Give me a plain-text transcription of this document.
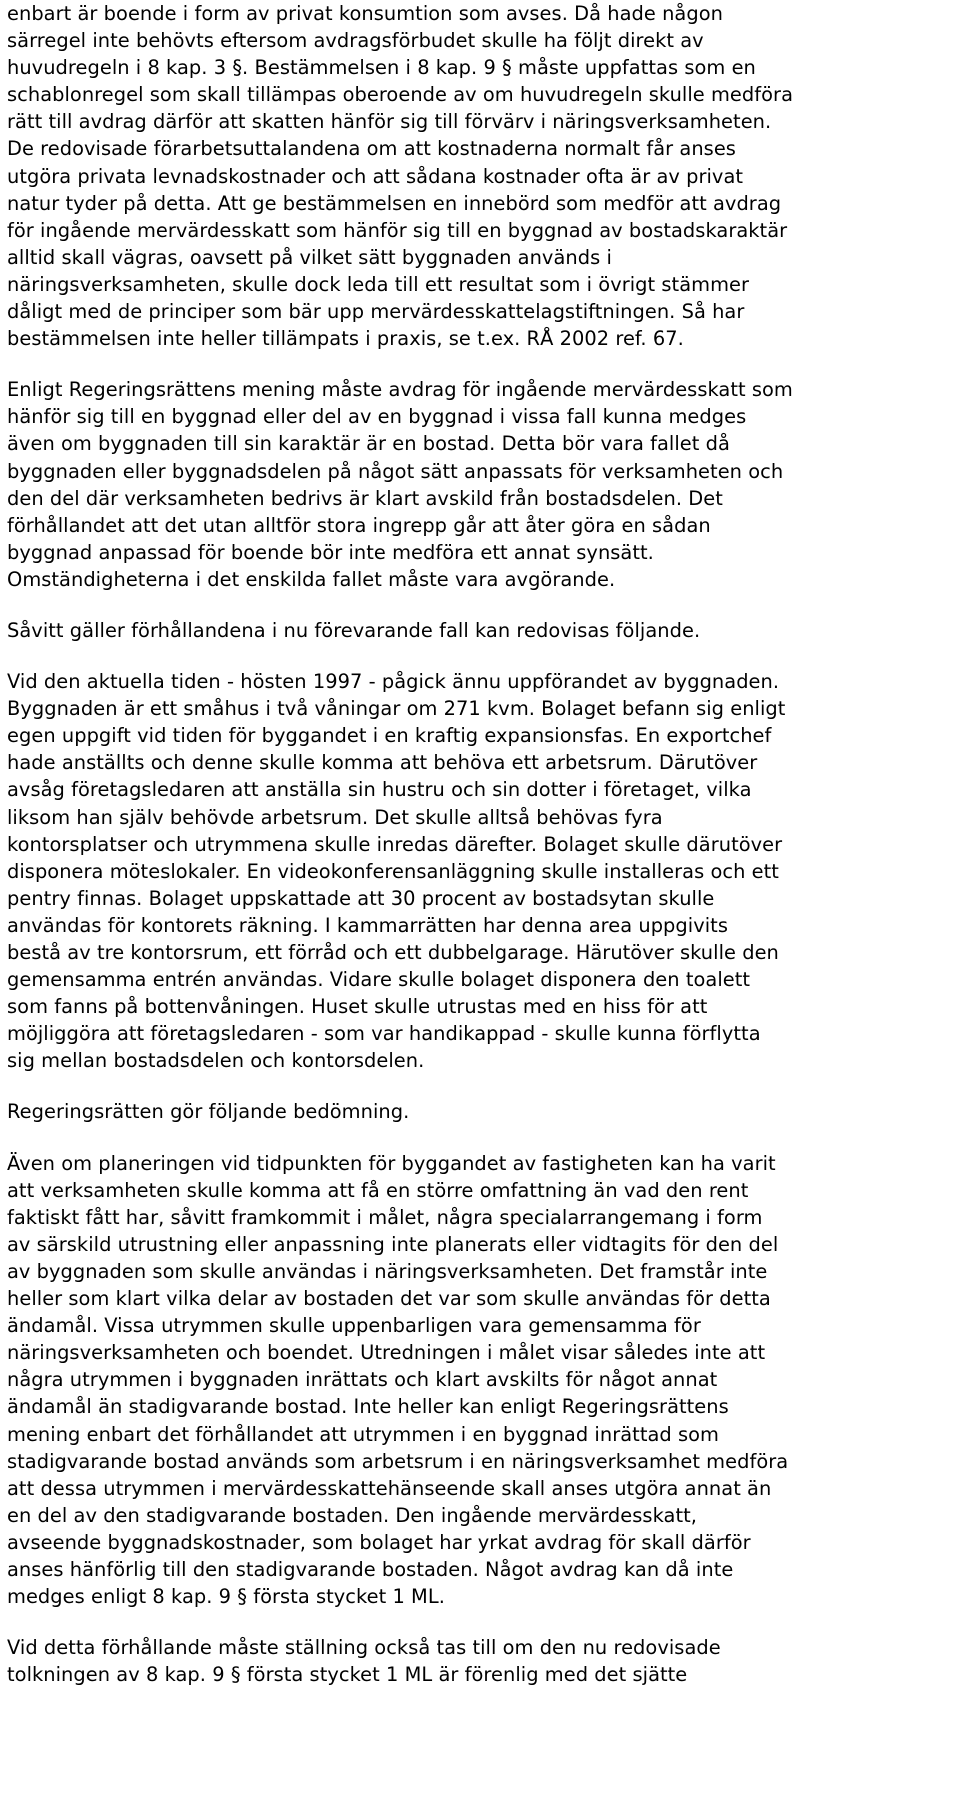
enbart är boende i form av privat konsumtion som avses. Då hade någon
särregel inte behövts eftersom avdragsförbudet skulle ha följt direkt av
huvudregeln i 8 kap. 3 §. Bestämmelsen i 8 kap. 9 § måste uppfattas som en
schablonregel som skall tillämpas oberoende av om huvudregeln skulle medföra
rätt till avdrag därför att skatten hänför sig till förvärv i näringsverksamheten.
De redovisade förarbetsuttalandena om att kostnaderna normalt får anses
utgöra privata levnadskostnader och att sådana kostnader ofta är av privat
natur tyder på detta. Att ge bestämmelsen en innebörd som medför att avdrag
för ingående mervärdesskatt som hänför sig till en byggnad av bostadskaraktär
alltid skall vägras, oavsett på vilket sätt byggnaden används i
näringsverksamheten, skulle dock leda till ett resultat som i övrigt stämmer
dåligt med de principer som bär upp mervärdesskattelagstiftningen. Så har
bestämmelsen inte heller tillämpats i praxis, se t.ex. RÅ 2002 ref. 67.
Enligt Regeringsrättens mening måste avdrag för ingående mervärdesskatt som
hänför sig till en byggnad eller del av en byggnad i vissa fall kunna medges
även om byggnaden till sin karaktär är en bostad. Detta bör vara fallet då
byggnaden eller byggnadsdelen på något sätt anpassats för verksamheten och
den del där verksamheten bedrivs är klart avskild från bostadsdelen. Det
förhållandet att det utan alltför stora ingrepp går att åter göra en sådan
byggnad anpassad för boende bör inte medföra ett annat synsätt.
Omständigheterna i det enskilda fallet måste vara avgörande.
Såvitt gäller förhållandena i nu förevarande fall kan redovisas följande.
Vid den aktuella tiden - hösten 1997 - pågick ännu uppförandet av byggnaden.
Byggnaden är ett småhus i två våningar om 271 kvm. Bolaget befann sig enligt
egen uppgift vid tiden för byggandet i en kraftig expansionsfas. En exportchef
hade anställts och denne skulle komma att behöva ett arbetsrum. Därutöver
avsåg företagsledaren att anställa sin hustru och sin dotter i företaget, vilka
liksom han själv behövde arbetsrum. Det skulle alltså behövas fyra
kontorsplatser och utrymmena skulle inredas därefter. Bolaget skulle därutöver
disponera möteslokaler. En videokonferensanläggning skulle installeras och ett
pentry finnas. Bolaget uppskattade att 30 procent av bostadsytan skulle
användas för kontorets räkning. I kammarrätten har denna area uppgivits
bestå av tre kontorsrum, ett förråd och ett dubbelgarage. Härutöver skulle den
gemensamma entrén användas. Vidare skulle bolaget disponera den toalett
som fanns på bottenvåningen. Huset skulle utrustas med en hiss för att
möjliggöra att företagsledaren - som var handikappad - skulle kunna förflytta
sig mellan bostadsdelen och kontorsdelen.
Regeringsrätten gör följande bedömning.
Även om planeringen vid tidpunkten för byggandet av fastigheten kan ha varit
att verksamheten skulle komma att få en större omfattning än vad den rent
faktiskt fått har, såvitt framkommit i målet, några specialarrangemang i form
av särskild utrustning eller anpassning inte planerats eller vidtagits för den del
av byggnaden som skulle användas i näringsverksamheten. Det framstår inte
heller som klart vilka delar av bostaden det var som skulle användas för detta
ändamål. Vissa utrymmen skulle uppenbarligen vara gemensamma för
näringsverksamheten och boendet. Utredningen i målet visar således inte att
några utrymmen i byggnaden inrättats och klart avskilts för något annat
ändamål än stadigvarande bostad. Inte heller kan enligt Regeringsrättens
mening enbart det förhållandet att utrymmen i en byggnad inrättad som
stadigvarande bostad används som arbetsrum i en näringsverksamhet medföra
att dessa utrymmen i mervärdesskattehänseende skall anses utgöra annat än
en del av den stadigvarande bostaden. Den ingående mervärdesskatt,
avseende byggnadskostnader, som bolaget har yrkat avdrag för skall därför
anses hänförlig till den stadigvarande bostaden. Något avdrag kan då inte
medges enligt 8 kap. 9 § första stycket 1 ML.
Vid detta förhållande måste ställning också tas till om den nu redovisade
tolkningen av 8 kap. 9 § första stycket 1 ML är förenlig med det sjätte
